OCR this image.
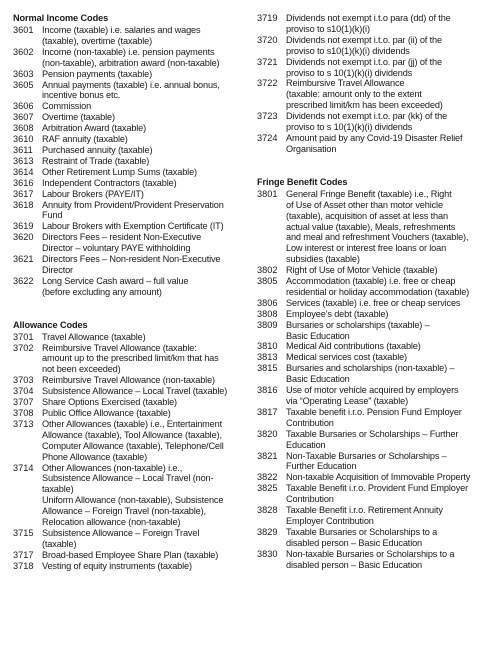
Normal Income Codes
3601 Income (taxable) i.e. salaries and wages
(taxable), overtime (taxable)
3602 Income (non-taxable) i.e. pension payments
(non-taxable), arbitration award (non-taxable)
3603 Pension payments (taxable)
3605 Annual payments (taxable) i.e. annual bonus,
incentive bonus etc.
3606 Commission
3607 Overtime (taxable)
3608 Arbitration Award (taxable)
3610 RAF annuity (taxable)
3611	Purchased annuity (taxable)
3613 Restraint of Trade (taxable)
3614 Other Retirement Lump Sums (taxable)
3616 Independent Contractors (taxable)
3617 Labour Brokers (PAYE/IT)
3618 Annuity from Provident/Provident Preservation
Fund
3619 Labour Brokers with Exemption Certificate (IT)
3620 Directors Fees – resident Non-Executive
Director – voluntary PAYE withholding
3621 Directors Fees – Non-resident Non-Executive
Director
3622 Long Service Cash award – full value
(before excluding any amount)
Allowance Codes
3701 Travel Allowance (taxable)
3702 Reimbursive Travel Allowance (taxable:
amount up to the prescribed limit/km that has
not been exceeded)
3703 Reimbursive Travel Allowance (non-taxable)
3704 Subsistence Allowance – Local Travel (taxable)
3707 Share Options Exercised (taxable)
3708 Public Office Allowance (taxable)
3713 Other Allowances (taxable) i.e., Entertainment
Allowance (taxable), Tool Allowance (taxable),
Computer Allowance (taxable), Telephone/Cell
Phone Allowance (taxable)
3714 Other Allowances (non-taxable) i.e.,
Subsistence Allowance – Local Travel (non-
taxable)
Uniform Allowance (non-taxable), Subsistence
Allowance – Foreign Travel (non-taxable),
Relocation allowance (non-taxable)
3715 Subsistence Allowance – Foreign Travel
(taxable)
3717 Broad-based Employee Share Plan (taxable)
3718 Vesting of equity instruments (taxable)
3719 Dividends not exempt i.t.o para (dd) of the
proviso to s10(1)(k)(i)
3720 Dividends not exempt i.t.o. par (ii) of the
proviso to s10(1)(k)(i) dividends
3721 Dividends not exempt i.t.o. par (jj) of the
proviso to s 10(1)(k)(i) dividends
3722 Reimbursive Travel Allowance
(taxable: amount only to the extent
prescribed limit/km has been exceeded)
3723 Dividends not exempt i.t.o. par (kk) of the
proviso to s 10(1)(k)(i) dividends
3724 Amount paid by any Covid-19 Disaster Relief
Organisation
Fringe Benefit Codes
3801 General Fringe Benefit (taxable) i.e., Right
of Use of Asset other than motor vehicle
(taxable), acquisition of asset at less than
actual value (taxable), Meals, refreshments
and meal and refreshment Vouchers (taxable),
Low interest or interest free loans or loan
subsidies (taxable)
3802 Right of Use of Motor Vehicle (taxable)
3805 Accommodation (taxable) i.e. free or cheap
residential or holiday accommodation (taxable)
3806 Services (taxable) i.e. free or cheap services
3808 Employee’s debt (taxable)
3809 Bursaries or scholarships (taxable) –
Basic Education
3810 Medical Aid contributions (taxable)
3813 Medical services cost (taxable)
3815 Bursaries and scholarships (non-taxable) –
Basic Education
3816 Use of motor vehicle acquired by employers
via “Operating Lease” (taxable)
3817 Taxable benefit i.r.o. Pension Fund Employer
Contribution
3820 Taxable Bursaries or Scholarships – Further
Education
3821 Non-Taxable Bursaries or Scholarships –
Further Education
3822 Non-taxable Acquisition of Immovable Property
3825 Taxable Benefit i.r.o. Provident Fund Employer
Contribution
3828 Taxable Benefit i.r.o. Retirement Annuity
Employer Contribution
3829 Taxable Bursaries or Scholarships to a
disabled person – Basic Education
3830 Non-taxable Bursaries or Scholarships to a
disabled person – Basic Education
